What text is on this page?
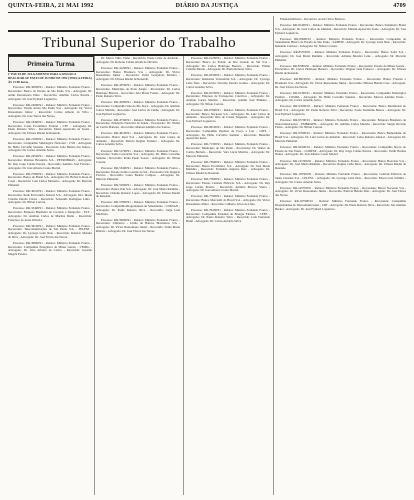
QUINTA-FEIRA, 21 MAI 1992	DIÁRIO DA JUSTIÇA	4709
Tribunal Superior do Trabalho
Primeira Turma

1ª PAUTA DE JULGAMENTO PARA A SESSÃO A REALIZAR-SE EM 03 DE JUNHO DE 1992 (TERÇA-FEIRA) ÀS 13:00 horas.

Processo: RR-30000/91 - Relator: Ministro Fernando Franco - Recorrente: Banco do Estado de São Paulo S/A - Advogado: Dr. Almir Pazzianotto Pinto - Recorrido: Antônio Carlos Pereira - Advogado: Dr. José Eymard Loguércio.

Processo: RR-16000/91 - Relator: Ministro Fernando Franco - Recorrente: Viação Aérea São Paulo S/A - Advogado: Dr. Victor Russomano Júnior - Recorrido: Carlos Alberto da Silva - Advogado: Dr. José Torres das Neves.

Processo: RR-18400/91 - Relator: Ministro Fernando Franco - Recorrente: Caixa Econômica Federal - CEF - Advogado: Dr. Paulo Roberto Silva - Recorrido: Maria Aparecida de Souza - Advogado: Dr. Ulisses Riedel de Resende.

Processo: RR-21000/91 - Relator: Ministro Fernando Franco - Recorrente: Companhia Siderúrgica Nacional - CSN - Advogado: Dr. Hélio Carvalho Santana - Recorrido: João Batista dos Santos - Advogado: Dr. Carlos Arnaldo Selva.

Processo: RR-24500/91 - Relator: Ministro Fernando Franco - Recorrente: Petróleo Brasileiro S/A - PETROBRÁS - Advogado: Dr. Ruy Jorge Caldas Pereira - Recorrido: Antônio José Ferreira - Advogado: Dr. José Alberto Couto Maciel.

Processo: RR-27800/91 - Relator: Ministro Fernando Franco - Recorrente: Banco do Brasil S/A - Advogado: Dr. Helvécio Rosa da Costa - Recorrido: Luiz Carlos Monteiro - Advogado: Dr. Marcelo Pimentel.

Processo: RR-30210/91 - Relator: Ministro Fernando Franco - Recorrente: Rede Ferroviária Federal S/A - Advogado: Dra. Maria Cristina Paixão Côrtes - Recorrido: Sebastião Rodrigues Lima - Advogado: Dr. Nilton Correia.

Processo: RR-33400/91 - Relator: Ministro Fernando Franco - Recorrente: Empresa Brasileira de Correios e Telégrafos - ECT - Advogado: Dr. Antônio Carlos de Martins Mello - Recorrido: Francisco de Assis Oliveira.

Processo: RR-36100/91 - Relator: Ministro Fernando Franco - Recorrente: Telecomunicações de São Paulo S/A - TELESP - Advogado: Dr. Lycurgo Leite Neto - Recorrido: Roberto Mendes da Silva - Advogado: Dr. José Tôrres das Neves.

Processo: RR-39800/91 - Relator: Ministro Fernando Franco - Recorrente: Companhia Energética de Minas Gerais - CEMIG - Advogado: Dr. Lino Alberto de Castro - Recorrido: Geraldo Magela Pereira.

Dr. Marco Túlio Viana - Recorrido: Paulo César de Andrade - Advogado: Dr. Roberto Caldas Alvim de Oliveira.

Processo: RR-41200/91 - Relator: Ministro Fernando Franco - Recorrente: Banco Bradesco S/A - Advogado: Dr. Victor Russomano Júnior - Recorrido: Valter Gonçalves Moreira - Advogado: Dr. Ulisses Riedel de Resende.

Processo: RR-43500/91 - Relator: Ministro Fernando Franco - Recorrente: Município de Porto Alegre - Procurador: Dr. Carlos Henrique Bezerra - Recorrido: Ana Maria Fontes - Advogado: Dr. Paulo Roberto Silva.

Processo: RR-45900/91 - Relator: Ministro Fernando Franco - Recorrente: Companhia Vale do Rio Doce - Advogado: Dr. Antônio Carlos Martins - Recorrido: José Carlos da Cunha - Advogado: Dr. José Eymard Loguércio.

Processo: RR-47300/91 - Relator: Ministro Fernando Franco - Recorrente: Fundação Nacional de Saúde - Procurador: Dr. Walter do Carmo Barletta - Recorrido: Manoel Antônio dos Santos.

Processo: RR-49100/91 - Relator: Ministro Fernando Franco - Recorrente: Banco Real S/A - Advogado: Dr. Luiz Carlos de Almeida - Recorrido: Márcia Regina Teixeira - Advogado: Dr. Carlos Arnaldo Selva.

Processo: RR-51700/91 - Relator: Ministro Fernando Franco - Recorrente: Sadia Concórdia S/A - Advogado: Dr. Hélio Carvalho Santana - Recorrido: Pedro Paulo Soares - Advogado: Dr. Nilton Correia.

Processo: RR-53400/91 - Relator: Ministro Fernando Franco - Recorrente: Estado do Rio Grande do Sul - Procurador: Dr. Rogério Favreto - Recorrido: Laura Beatriz Campos - Advogado: Dr. Marcelo Pimentel.

Processo: RR-55600/91 - Relator: Ministro Fernando Franco - Recorrente: Banco Itaú S/A - Advogado: Dr. José Maria Riemma - Recorrido: Cláudio Roberto Lopes - Advogado: Dr. Ulisses Riedel de Resende.

Processo: RR-57800/91 - Relator: Ministro Fernando Franco - Recorrente: Companhia Riograndense de Saneamento - CORSAN - Advogado: Dr. Paulo Roberto Silva - Recorrido: Jorge Luiz Machado.

Processo: RR-59900/91 - Relator: Ministro Fernando Franco - Recorrente: Unibanco - União de Bancos Brasileiros S/A - Advogado: Dr. Victor Russomano Júnior - Recorrido: Sônia Maria Ribeiro - Advogado: Dr. José Tôrres das Neves.

Processo: RR-61200/91 - Relator: Ministro Fernando Franco - Recorrente: Banco do Estado do Rio Grande do Sul S/A - Advogado: Dr. Carlos Henrique Bezerra - Recorrido: Elaine Cristina Duarte - Advogado: Dr. Paulo Roberto Silva.

Processo: RR-63500/91 - Relator: Ministro Fernando Franco - Recorrente: Indústrias Votorantim S/A - Advogado: Dr. Lycurgo Leite Neto - Recorrido: Osvaldo Pereira Gomes - Advogado: Dr. Carlos Arnaldo Selva.

Processo: RR-65700/91 - Relator: Ministro Fernando Franco - Recorrente: Empresa de Transportes Coletivos - Advogado: Dr. Antônio Carlos Martins - Recorrido: Ademir José Pinheiro - Advogado: Dr. Nilton Correia.

Processo: RR-67900/91 - Relator: Ministro Fernando Franco - Recorrente: Banco Nacional S/A - Advogado: Dr. Luiz Carlos de Almeida - Recorrido: Rita de Cássia Nogueira - Advogado: Dr. José Eymard Loguércio.

Processo: RR-69100/91 - Relator: Ministro Fernando Franco - Recorrente: Companhia Paulista de Força e Luz - CPFL - Advogado: Dr. Hélio Carvalho Santana - Recorrido: Benedito Aparecido Rosa.

Processo: RR-71300/91 - Relator: Ministro Fernando Franco - Recorrente: Município de São Paulo - Procurador: Dr. Walter do Carmo Barletta - Recorrido: Vera Lúcia Martins - Advogado: Dr. Marcelo Pimentel.

Processo: RR-73600/91 - Relator: Ministro Fernando Franco - Recorrente: Banco Econômico S/A - Advogado: Dr. José Maria Riemma - Recorrido: Fernando Augusto Reis - Advogado: Dr. Ulisses Riedel de Resende.

Processo: RR-75800/91 - Relator: Ministro Fernando Franco - Recorrente: Furnas Centrais Elétricas S/A - Advogado: Dr. Ruy Jorge Caldas Pereira - Recorrido: Antônio Marcos Vieira - Advogado: Dr. José Alberto Couto Maciel.

Processo: RR-77900/91 - Relator: Ministro Fernando Franco - Recorrente: Banco Mercantil do Brasil S/A - Advogado: Dr. Victor Russomano Júnior - Recorrido: Gilberto Alves de Lima.

Processo: RR-79200/91 - Relator: Ministro Fernando Franco - Recorrente: Companhia Estadual de Energia Elétrica - CEEE - Advogado: Dr. Paulo Roberto Silva - Recorrido: Luís Fernando Brum - Advogado: Dr. Carlos Arnaldo Selva.

Elisabeth Ribeiro - Recorrido: Acácio Silva Barbosa.

Processo: RR-81400/91 - Relator: Ministro Fernando Franco - Recorrente: Banco Sudameris Brasil S/A - Advogado: Dr. Luiz Carlos de Almeida - Recorrido: Miriam Aparecida Souto - Advogado: Dr. José Eymard Loguércio.

Processo: RR-83600/91 - Relator: Ministro Fernando Franco - Recorrente: Companhia de Saneamento Básico do Estado de São Paulo - SABESP - Advogado: Dr. Lycurgo Leite Neto - Recorrido: Reinaldo Cardoso - Advogado: Dr. Nilton Correia.

Processo: RR-85700/91 - Relator: Ministro Fernando Franco - Recorrente: Banco Safra S/A - Advogado: Dr. José Maria Riemma - Recorrido: Adriana Moreira Leite - Advogado: Dr. Marcelo Pimentel.

Processo: RR-87900/91 - Relator: Ministro Fernando Franco - Recorrente: Estado de Minas Gerais - Procurador: Dr. Carlos Henrique Bezerra - Recorrido: Wagner Luiz Fonseca - Advogado: Dr. Ulisses Riedel de Resende.

Processo: RR-89100/91 - Relator: Ministro Fernando Franco - Recorrente: Banco Francês e Brasileiro S/A - Advogado: Dr. Victor Russomano Júnior - Recorrido: Heloísa Helena Cruz - Advogado: Dr. José Tôrres das Neves.

Processo: RR-91300/91 - Relator: Ministro Fernando Franco - Recorrente: Companhia Siderúrgica Paulista - COSIPA - Advogado: Dr. Hélio Carvalho Santana - Recorrido: Marcos Antônio Prado - Advogado: Dr. Carlos Arnaldo Selva.

Processo: RR-93500/91 - Relator: Ministro Fernando Franco - Recorrente: Banco Meridional do Brasil S/A - Advogado: Dr. Paulo Roberto Silva - Recorrido: Ivone Terezinha Bastos - Advogado: Dr. José Eymard Loguércio.

Processo: RR-95700/91 - Relator: Ministro Fernando Franco - Recorrente: Empresa Brasileira de Telecomunicações - EMBRATEL - Advogado: Dr. Antônio Carlos Martins - Recorrido: Sérgio Ricardo Farias - Advogado: Dr. Nilton Correia.

Processo: RR-97900/91 - Relator: Ministro Fernando Franco - Recorrente: Banco Bamerindus do Brasil S/A - Advogado: Dr. Luiz Carlos de Almeida - Recorrido: Celso Roberto Amaral - Advogado: Dr. Marcelo Pimentel.

Processo: RR-99100/91 - Relator: Ministro Fernando Franco - Recorrente: Companhia Docas do Estado de São Paulo - CODESP - Advogado: Dr. Ruy Jorge Caldas Pereira - Recorrido: Valdir Batista Nunes - Advogado: Dr. José Alberto Couto Maciel.

Processo: RR-101300/91 - Relator: Ministro Fernando Franco - Recorrente: Banco Boavista S/A - Advogado: Dr. José Maria Riemma - Recorrido: Regina Célia Mota - Advogado: Dr. Ulisses Riedel de Resende.

Processo: RR-103500/91 - Relator: Ministro Fernando Franco - Recorrente: Centrais Elétricas de Santa Catarina S/A - CELESC - Advogado: Dr. Lycurgo Leite Neto - Recorrido: Edson Luiz Schmitt - Advogado: Dr. Carlos Arnaldo Selva.

Processo: RR-105700/91 - Relator: Ministro Fernando Franco - Recorrente: Banco Noroeste S/A - Advogado: Dr. Victor Russomano Júnior - Recorrido: Patrícia Helena Dias - Advogado: Dr. José Tôrres das Neves.

Processo: RR-107900/91 - Relator: Ministro Fernando Franco - Recorrente: Companhia Riograndense de Telecomunicações - CRT - Advogado: Dr. Paulo Roberto Silva - Recorrido: Jair Antônio Becker - Advogado: Dr. José Eymard Loguércio.
